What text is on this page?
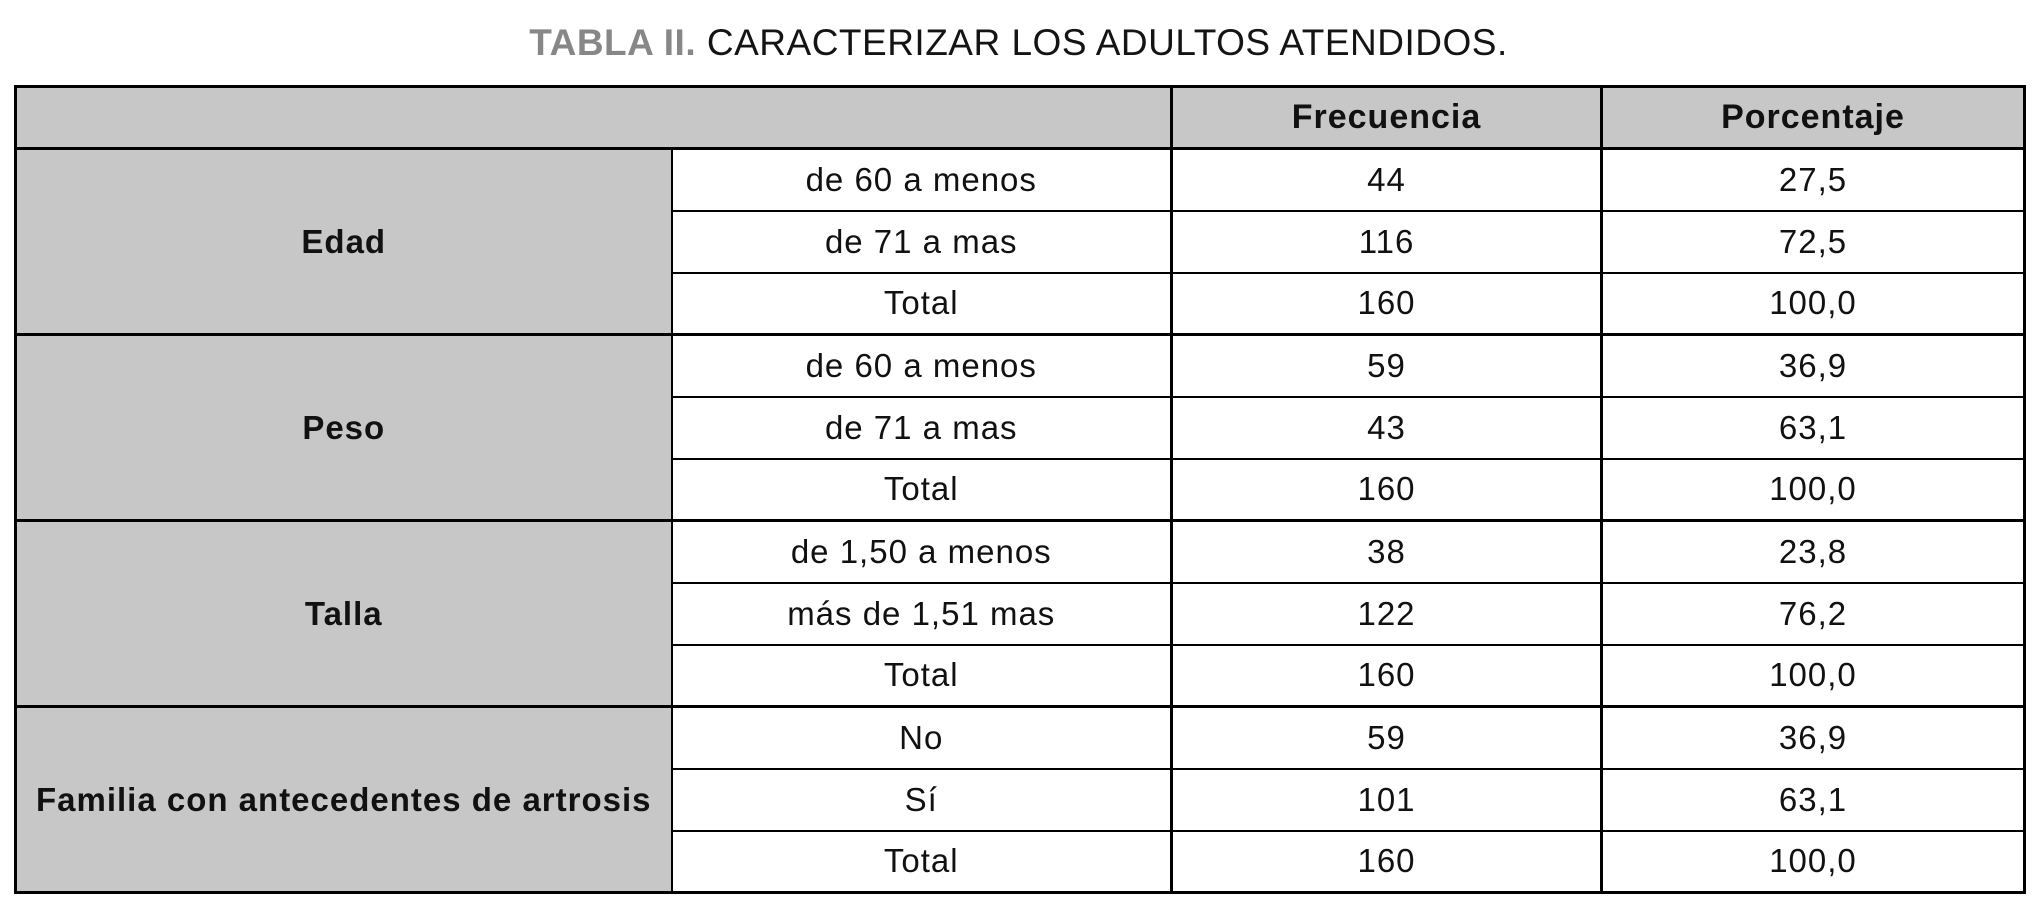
TABLA II. CARACTERIZAR LOS ADULTOS ATENDIDOS.
		Frecuencia	Porcentaje
Edad	de 60 a menos	44	27,5
	de 71 a mas	116	72,5
	Total	160	100,0
Peso	de 60 a menos	59	36,9
	de 71 a mas	43	63,1
	Total	160	100,0
Talla	de 1,50 a menos	38	23,8
	más de 1,51 mas	122	76,2
	Total	160	100,0
Familia con antecedentes de artrosis	No	59	36,9
	Sí	101	63,1
	Total	160	100,0
